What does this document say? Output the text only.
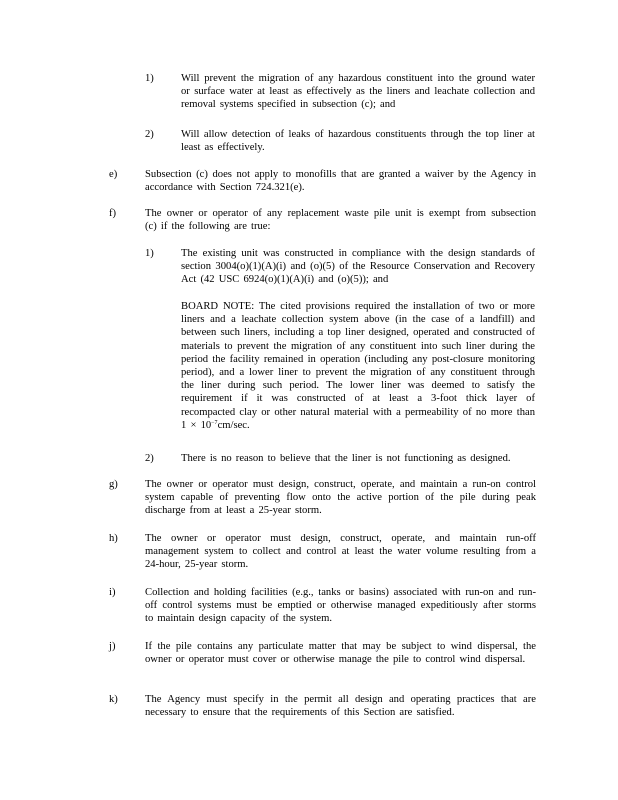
1)	Will prevent the migration of any hazardous constituent into the ground water or surface water at least as effectively as the liners and leachate collection and removal systems specified in subsection (c); and
2)	Will allow detection of leaks of hazardous constituents through the top liner at least as effectively.
e)	Subsection (c) does not apply to monofills that are granted a waiver by the Agency in accordance with Section 724.321(e).
f)	The owner or operator of any replacement waste pile unit is exempt from subsection (c) if the following are true:
1)	The existing unit was constructed in compliance with the design standards of section 3004(o)(1)(A)(i) and (o)(5) of the Resource Conservation and Recovery Act (42 USC 6924(o)(1)(A)(i) and (o)(5)); and
BOARD NOTE: The cited provisions required the installation of two or more liners and a leachate collection system above (in the case of a landfill) and between such liners, including a top liner designed, operated and constructed of materials to prevent the migration of any constituent into such liner during the period the facility remained in operation (including any post-closure monitoring period), and a lower liner to prevent the migration of any constituent through the liner during such period. The lower liner was deemed to satisfy the requirement if it was constructed of at least a 3-foot thick layer of recompacted clay or other natural material with a permeability of no more than $1 \times 10^{-7}cm/\sec$.
2)	There is no reason to believe that the liner is not functioning as designed.
g)	The owner or operator must design, construct, operate, and maintain a run-on control system capable of preventing flow onto the active portion of the pile during peak discharge from at least a 25-year storm.
h)	The owner or operator must design, construct, operate, and maintain run-off management system to collect and control at least the water volume resulting from a 24-hour, 25-year storm.
i)	Collection and holding facilities (e.g., tanks or basins) associated with run-on and run-off control systems must be emptied or otherwise managed expeditiously after storms to maintain design capacity of the system.
j)	If the pile contains any particulate matter that may be subject to wind dispersal, the owner or operator must cover or otherwise manage the pile to control wind dispersal.
k)	The Agency must specify in the permit all design and operating practices that are necessary to ensure that the requirements of this Section are satisfied.
